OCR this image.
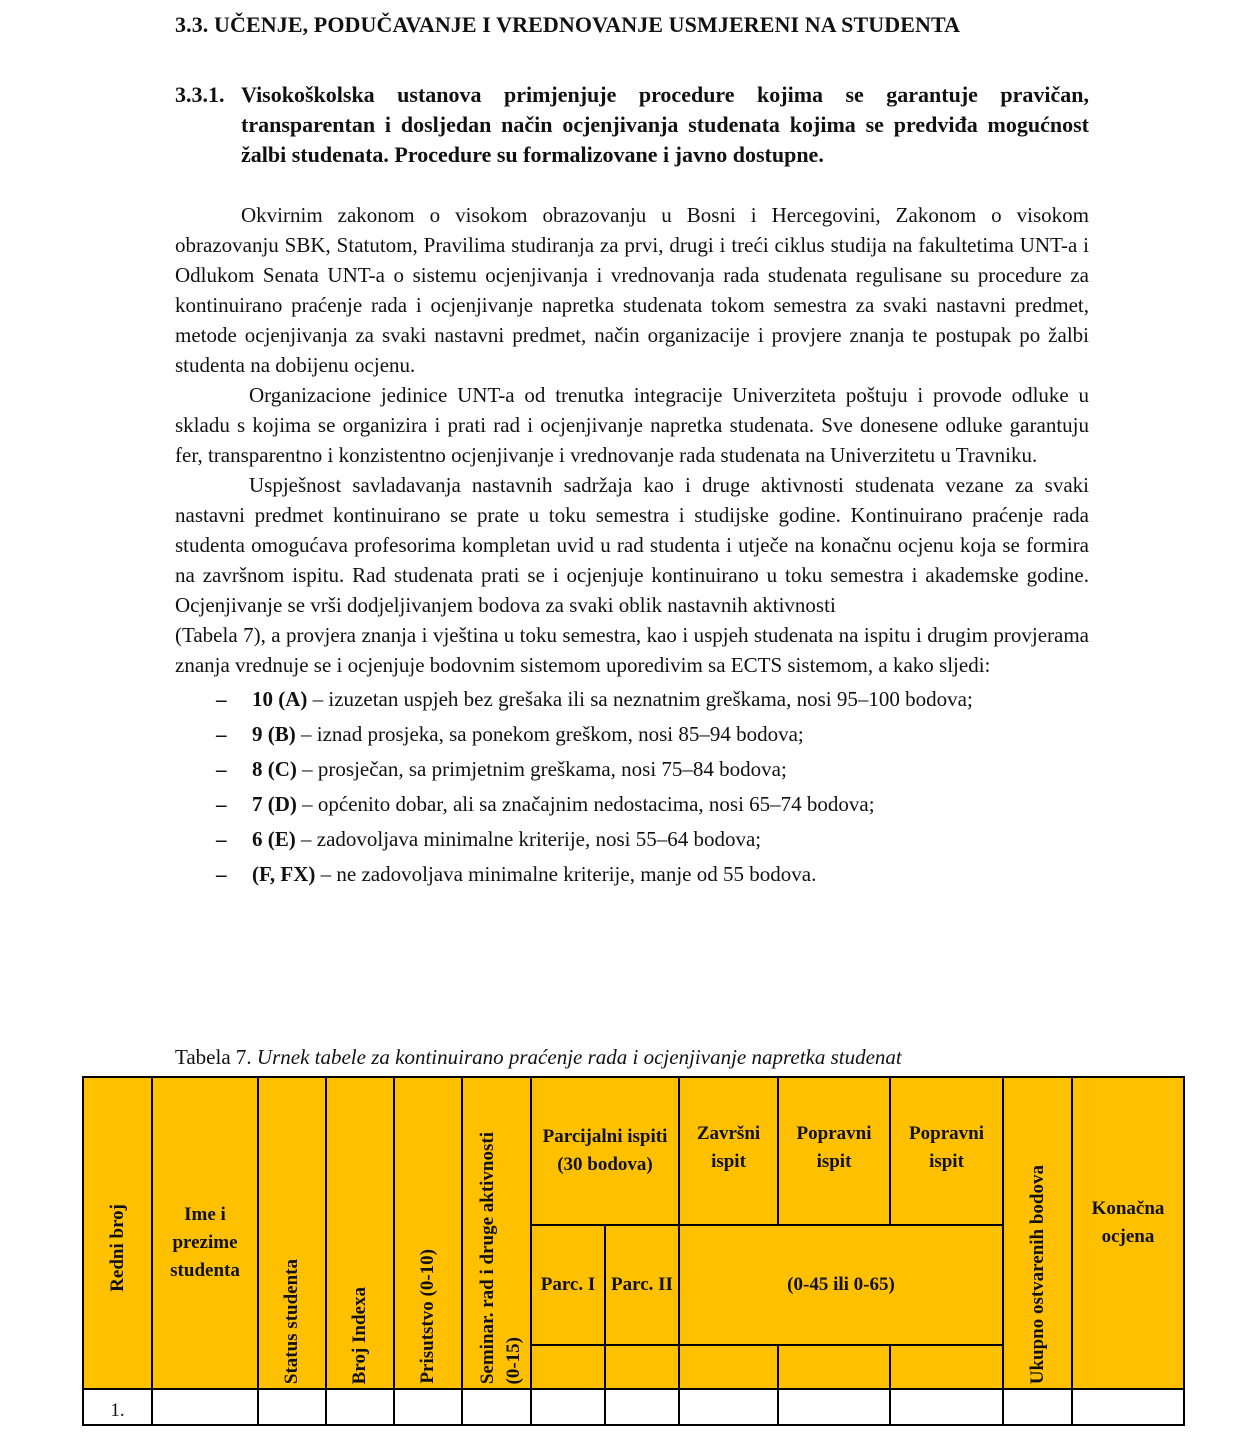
3.3. UČENJE, PODUČAVANJE I VREDNOVANJE USMJERENI NA STUDENTA
3.3.1. Visokoškolska ustanova primjenjuje procedure kojima se garantuje pravičan, transparentan i dosljedan način ocjenjivanja studenata kojima se predviđa mogućnost žalbi studenata. Procedure su formalizovane i javno dostupne.

Okvirnim zakonom o visokom obrazovanju u Bosni i Hercegovini, Zakonom o visokom obrazovanju SBK, Statutom, Pravilima studiranja za prvi, drugi i treći ciklus studija na fakultetima UNT-a i Odlukom Senata UNT-a o sistemu ocjenjivanja i vrednovanja rada studenata regulisane su procedure za kontinuirano praćenje rada i ocjenjivanje napretka studenata tokom semestra za svaki nastavni predmet, metode ocjenjivanja za svaki nastavni predmet, način organizacije i provjere znanja te postupak po žalbi studenta na dobijenu ocjenu.

Organizacione jedinice UNT-a od trenutka integracije Univerziteta poštuju i provode odluke u skladu s kojima se organizira i prati rad i ocjenjivanje napretka studenata. Sve donesene odluke garantuju fer, transparentno i konzistentno ocjenjivanje i vrednovanje rada studenata na Univerzitetu u Travniku.

Uspješnost savladavanja nastavnih sadržaja kao i druge aktivnosti studenata vezane za svaki nastavni predmet kontinuirano se prate u toku semestra i studijske godine. Kontinuirano praćenje rada studenta omogućava profesorima kompletan uvid u rad studenta i utječe na konačnu ocjenu koja se formira na završnom ispitu. Rad studenata prati se i ocjenjuje kontinuirano u toku semestra i akademske godine. Ocjenjivanje se vrši dodjeljivanjem bodova za svaki oblik nastavnih aktivnosti

(Tabela 7), a provjera znanja i vještina u toku semestra, kao i uspjeh studenata na ispitu i drugim provjerama znanja vrednuje se i ocjenjuje bodovnim sistemom uporedivim sa ECTS sistemom, a kako sljedi:

– 10 (A) – izuzetan uspjeh bez grešaka ili sa neznatnim greškama, nosi 95–100 bodova;
– 9 (B) – iznad prosjeka, sa ponekom greškom, nosi 85–94 bodova;
– 8 (C) – prosječan, sa primjetnim greškama, nosi 75–84 bodova;
– 7 (D) – općenito dobar, ali sa značajnim nedostacima, nosi 65–74 bodova;
– 6 (E) – zadovoljava minimalne kriterije, nosi 55–64 bodova;
– (F, FX) – ne zadovoljava minimalne kriterije, manje od 55 bodova.
Tabela 7. Urnek tabele za kontinuirano praćenje rada i ocjenjivanje napretka studenat
Redni broj	Ime i prezime studenta	Status studenta	Broj Indexa	Prisutstvo (0-10)	Seminar. rad i druge aktivnosti (0-15)	Parcijalni ispiti (30 bodova)		Završni ispit	Popravni ispit	Popravni ispit	Ukupno ostvarenih bodova	Konačna ocjena
						Parc. I	Parc. II	(0-45 ili 0-65)				

1.												
